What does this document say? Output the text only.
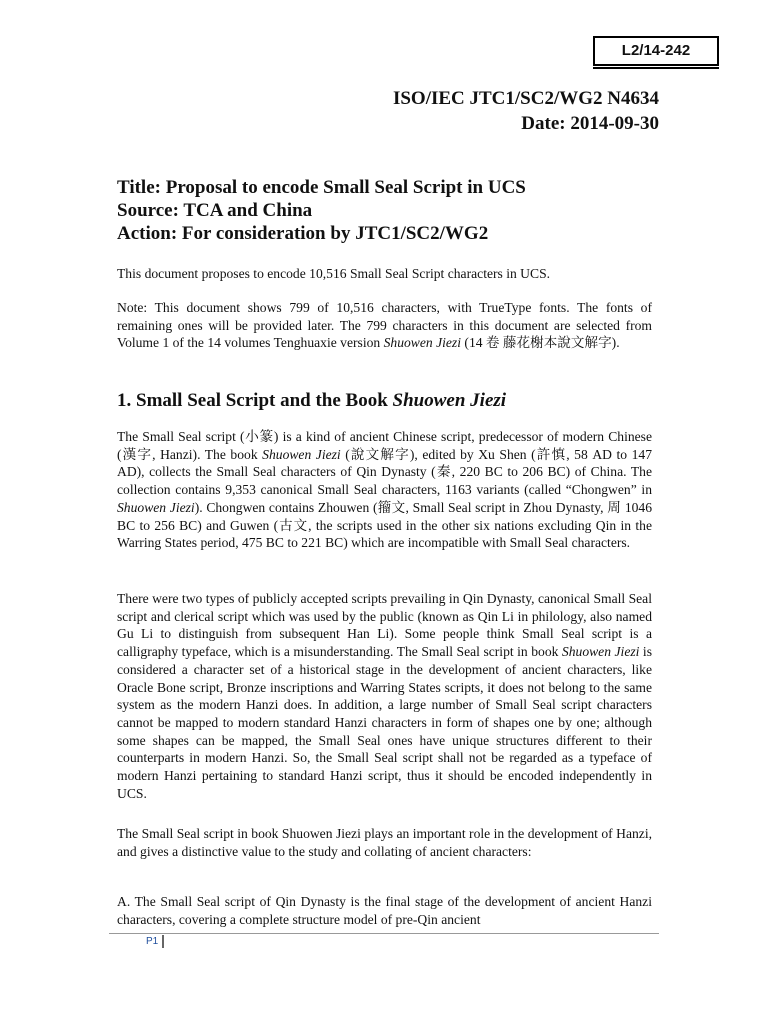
L2/14-242
ISO/IEC JTC1/SC2/WG2 N4634
Date: 2014-09-30
Title: Proposal to encode Small Seal Script in UCS
Source: TCA and China
Action: For consideration by JTC1/SC2/WG2

This document proposes to encode 10,516 Small Seal Script characters in UCS.

Note: This document shows 799 of 10,516 characters, with TrueType fonts. The fonts of remaining ones will be provided later. The 799 characters in this document are selected from Volume 1 of the 14 volumes Tenghuaxie version Shuowen Jiezi (14 卷 藤花榭本說文解字).

1. Small Seal Script and the Book Shuowen Jiezi

The Small Seal script (小篆) is a kind of ancient Chinese script, predecessor of modern Chinese (漢字, Hanzi). The book Shuowen Jiezi (說文解字), edited by Xu Shen (許慎, 58 AD to 147 AD), collects the Small Seal characters of Qin Dynasty (秦, 220 BC to 206 BC) of China. The collection contains 9,353 canonical Small Seal characters, 1163 variants (called “Chongwen” in Shuowen Jiezi). Chongwen contains Zhouwen (籀文, Small Seal script in Zhou Dynasty, 周 1046 BC to 256 BC) and Guwen (古文, the scripts used in the other six nations excluding Qin in the Warring States period, 475 BC to 221 BC) which are incompatible with Small Seal characters.

There were two types of publicly accepted scripts prevailing in Qin Dynasty, canonical Small Seal script and clerical script which was used by the public (known as Qin Li in philology, also named Gu Li to distinguish from subsequent Han Li). Some people think Small Seal script is a calligraphy typeface, which is a misunderstanding. The Small Seal script in book Shuowen Jiezi is considered a character set of a historical stage in the development of ancient characters, like Oracle Bone script, Bronze inscriptions and Warring States scripts, it does not belong to the same system as the modern Hanzi does. In addition, a large number of Small Seal script characters cannot be mapped to modern standard Hanzi characters in form of shapes one by one; although some shapes can be mapped, the Small Seal ones have unique structures different to their counterparts in modern Hanzi. So, the Small Seal script shall not be regarded as a typeface of modern Hanzi pertaining to standard Hanzi script, thus it should be encoded independently in UCS.

The Small Seal script in book Shuowen Jiezi plays an important role in the development of Hanzi, and gives a distinctive value to the study and collating of ancient characters:

A. The Small Seal script of Qin Dynasty is the final stage of the development of ancient Hanzi characters, covering a complete structure model of pre-Qin ancient

P1
